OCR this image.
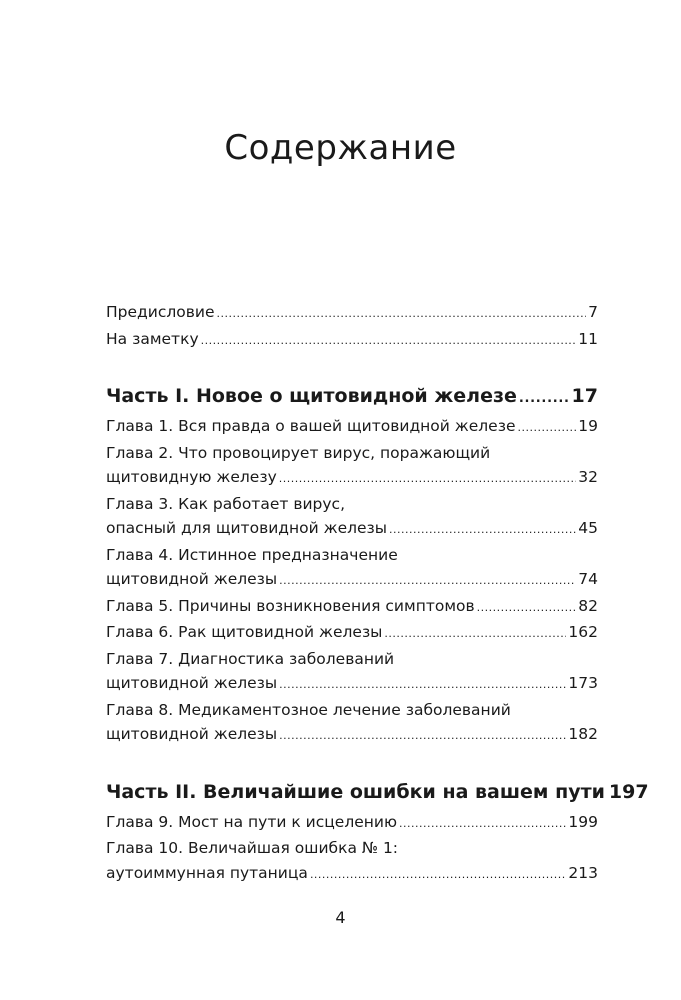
Содержание
Предисловие .....	7
На заметку .....	11
Часть I. Новое о щитовидной железе .....	17
Глава 1. Вся правда о вашей щитовидной железе .....	19
Глава 2. Что провоцирует вирус, поражающий
щитовидную железу .....	32
Глава 3. Как работает вирус,
опасный для щитовидной железы .....	45
Глава 4. Истинное предназначение
щитовидной железы .....	74
Глава 5. Причины возникновения симптомов .....	82
Глава 6. Рак щитовидной железы .....	162
Глава 7. Диагностика заболеваний
щитовидной железы .....	173
Глава 8. Медикаментозное лечение заболеваний
щитовидной железы .....	182
Часть II. Величайшие ошибки на вашем пути 197
Глава 9. Мост на пути к исцелению .....	199
Глава 10. Величайшая ошибка № 1:
аутоиммунная путаница .....	213
4
